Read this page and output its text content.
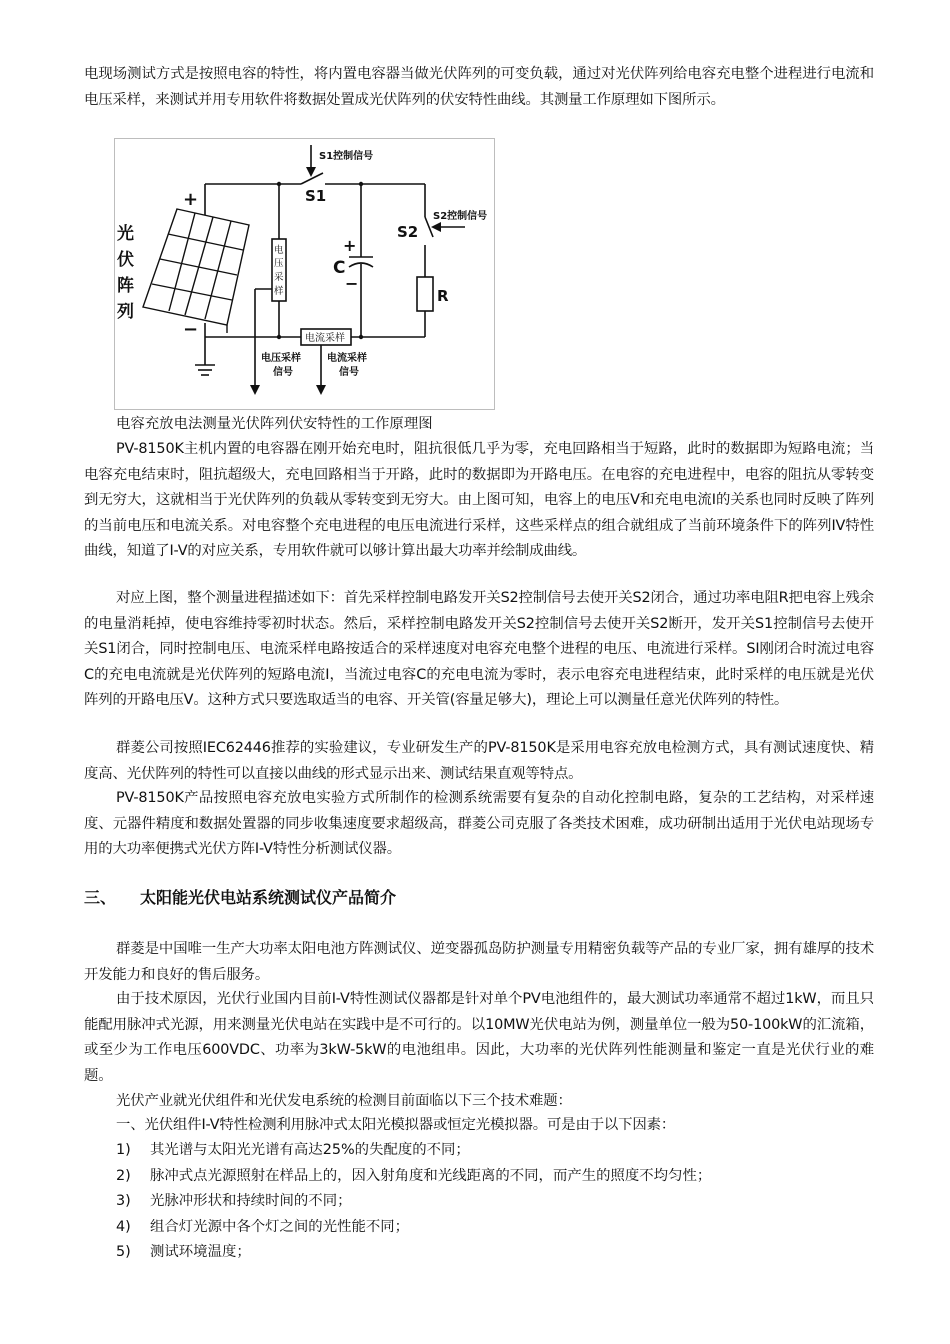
电现场测试方式是按照电容的特性，将内置电容器当做光伏阵列的可变负载，通过对光伏阵列给电容充电整个进程进行电流和电压采样，来测试并用专用软件将数据处置成光伏阵列的伏安特性曲线。其测量工作原理如下图所示。

S1控制信号
S1
S2控制信号
S2
+
−
+
C
−
R
光
伏
阵
列
电
压
采
样
电流采样
电压采样
信号
电流采样
信号

电容充放电法测量光伏阵列伏安特性的工作原理图

PV-8150K主机内置的电容器在刚开始充电时，阻抗很低几乎为零，充电回路相当于短路，此时的数据即为短路电流；当电容充电结束时，阻抗超级大，充电回路相当于开路，此时的数据即为开路电压。在电容的充电进程中，电容的阻抗从零转变到无穷大，这就相当于光伏阵列的负载从零转变到无穷大。由上图可知，电容上的电压V和充电电流I的关系也同时反映了阵列的当前电压和电流关系。对电容整个充电进程的电压电流进行采样，这些采样点的组合就组成了当前环境条件下的阵列IV特性曲线，知道了I-V的对应关系，专用软件就可以够计算出最大功率并绘制成曲线。

对应上图，整个测量进程描述如下：首先采样控制电路发开关S2控制信号去使开关S2闭合，通过功率电阻R把电容上残余的电量消耗掉，使电容维持零初时状态。然后，采样控制电路发开关S2控制信号去使开关S2断开，发开关S1控制信号去使开关S1闭合，同时控制电压、电流采样电路按适合的采样速度对电容充电整个进程的电压、电流进行采样。SI刚闭合时流过电容C的充电电流就是光伏阵列的短路电流I，当流过电容C的充电电流为零时，表示电容充电进程结束，此时采样的电压就是光伏阵列的开路电压V。这种方式只要选取适当的电容、开关管(容量足够大)，理论上可以测量任意光伏阵列的特性。

群菱公司按照IEC62446推荐的实验建议，专业研发生产的PV-8150K是采用电容充放电检测方式，具有测试速度快、精度高、光伏阵列的特性可以直接以曲线的形式显示出来、测试结果直观等特点。

PV-8150K产品按照电容充放电实验方式所制作的检测系统需要有复杂的自动化控制电路，复杂的工艺结构，对采样速度、元器件精度和数据处置器的同步收集速度要求超级高，群菱公司克服了各类技术困难，成功研制出适用于光伏电站现场专用的大功率便携式光伏方阵I-V特性分析测试仪器。

三、 太阳能光伏电站系统测试仪产品简介

群菱是中国唯一生产大功率太阳电池方阵测试仪、逆变器孤岛防护测量专用精密负载等产品的专业厂家，拥有雄厚的技术开发能力和良好的售后服务。

由于技术原因，光伏行业国内目前I-V特性测试仪器都是针对单个PV电池组件的，最大测试功率通常不超过1kW，而且只能配用脉冲式光源，用来测量光伏电站在实践中是不可行的。以10MW光伏电站为例，测量单位一般为50-100kW的汇流箱，或至少为工作电压600VDC、功率为3kW-5kW的电池组串。因此，大功率的光伏阵列性能测量和鉴定一直是光伏行业的难题。

光伏产业就光伏组件和光伏发电系统的检测目前面临以下三个技术难题：

一、光伏组件I-V特性检测利用脉冲式太阳光模拟器或恒定光模拟器。可是由于以下因素：

1) 其光谱与太阳光光谱有高达25%的失配度的不同；
2) 脉冲式点光源照射在样品上的，因入射角度和光线距离的不同，而产生的照度不均匀性；
3) 光脉冲形状和持续时间的不同；
4) 组合灯光源中各个灯之间的光性能不同；
5) 测试环境温度；
